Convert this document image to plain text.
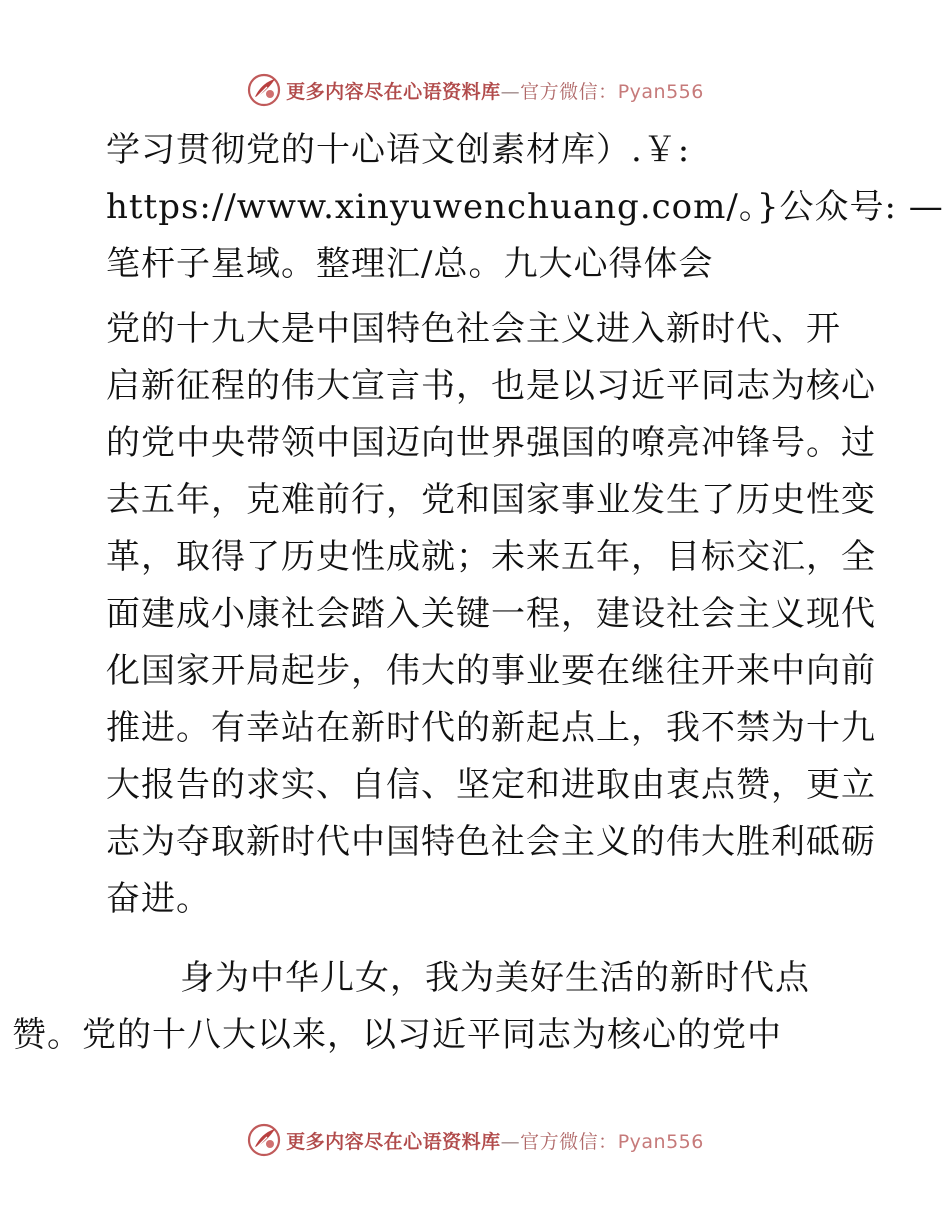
更多内容尽在心语资料库—官方微信：Pyan556

学习贯彻党的十心语文创素材库）.￥:
https://www.xinyuwenchuang.com/。}公众号: —
笔杆子星域。整理汇/总。九大心得体会

党的十九大是中国特色社会主义进入新时代、开
启新征程的伟大宣言书，也是以习近平同志为核心
的党中央带领中国迈向世界强国的嘹亮冲锋号。过
去五年，克难前行，党和国家事业发生了历史性变
革，取得了历史性成就；未来五年，目标交汇，全
面建成小康社会踏入关键一程，建设社会主义现代
化国家开局起步，伟大的事业要在继往开来中向前
推进。有幸站在新时代的新起点上，我不禁为十九
大报告的求实、自信、坚定和进取由衷点赞，更立
志为夺取新时代中国特色社会主义的伟大胜利砥砺
奋进。

身为中华儿女，我为美好生活的新时代点
赞。党的十八大以来，以习近平同志为核心的党中

更多内容尽在心语资料库—官方微信：Pyan556
